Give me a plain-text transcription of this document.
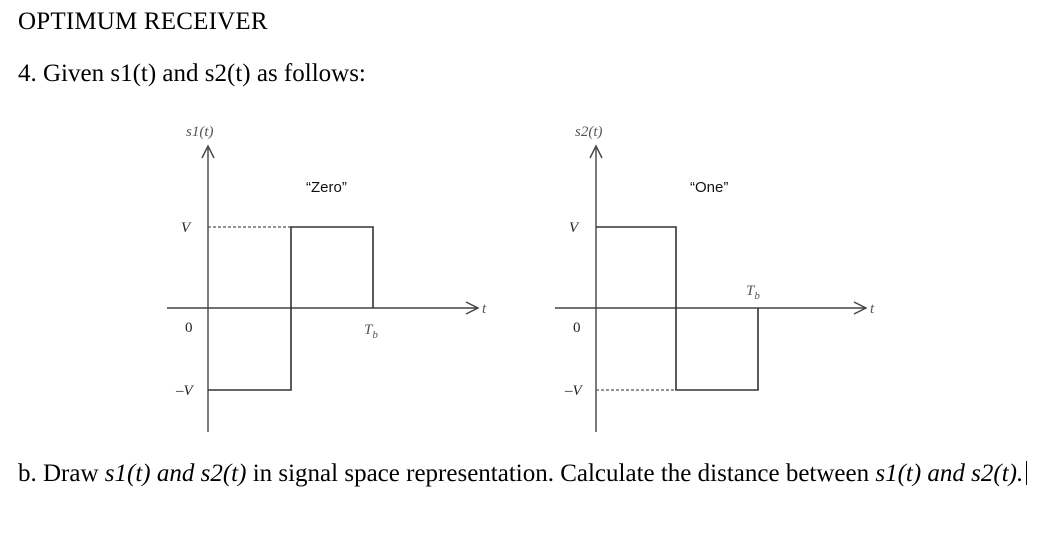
OPTIMUM RECEIVER
4. Given s1(t) and s2(t) as follows:
s1(t)
“Zero”
V
0
–V
$T_b$
t
s2(t)
“One”
V
0
–V
$T_b$
t
b. Draw s1(t) and s2(t) in signal space representation. Calculate the distance between s1(t) and s2(t).
